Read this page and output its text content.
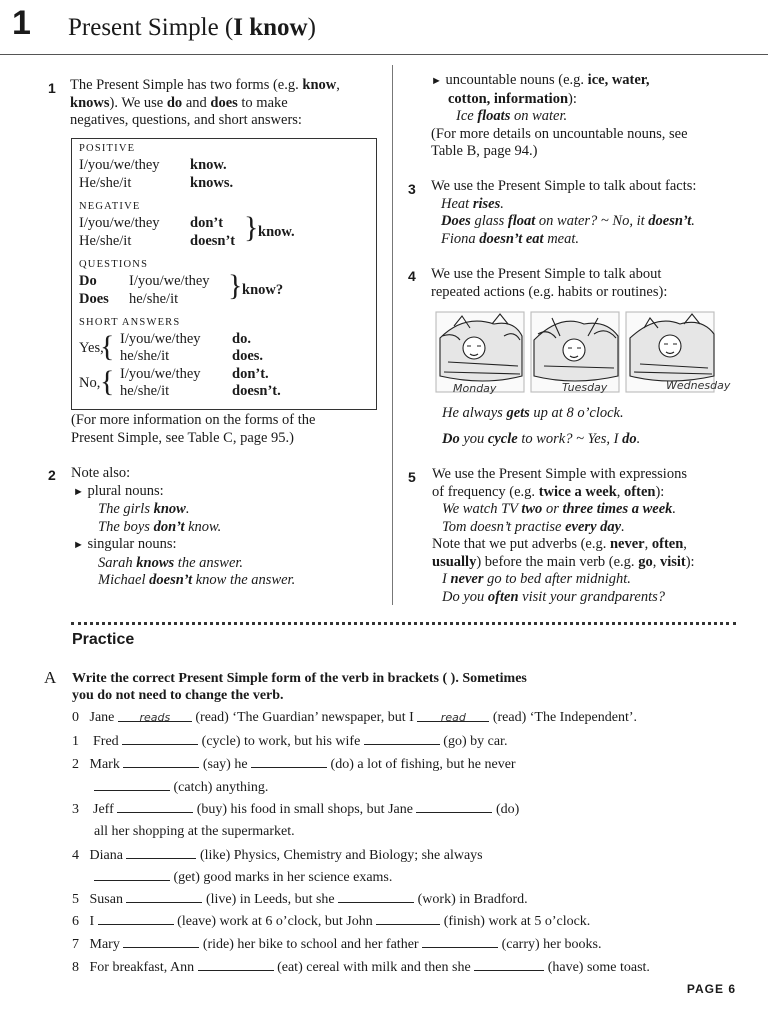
1 Present Simple (I know)
1 The Present Simple has two forms (e.g. know,
knows). We use do and does to make
negatives, questions, and short answers:
POSITIVE
I/you/we/they know.
He/she/it	knows.
NEGATIVE
I/you/we/they don’t
He/she/it	doesn’t } know.
QUESTIONS
Do I/you/we/they
Does he/she/it } know?
SHORT ANSWERS
Yes,
{ I/you/we/they do.
he/she/it	does.
No, { I/you/we/they don’t.
he/she/it	doesn’t.
(For more information on the forms of the
Present Simple, see Table C, page 95.)
2 Note also:
► plural nouns:
The girls know.
The boys don’t know.
► singular nouns:
Sarah knows the answer.
Michael doesn’t know the answer.
► uncountable nouns (e.g. ice, water,
cotton, information):
Ice floats on water.
(For more details on uncountable nouns, see
Table B, page 94.)
3 We use the Present Simple to talk about facts:
Heat rises.
Does glass float on water? ~ No, it doesn’t.
Fiona doesn’t eat meat.
4 We use the Present Simple to talk about
repeated actions (e.g. habits or routines):
Monday	Tuesday	Wednesday
He always gets up at 8 o’clock.
Do you cycle to work? ~ Yes, I do.
5 We use the Present Simple with expressions
of frequency (e.g. twice a week, often):
We watch TV two or three times a week.
Tom doesn’t practise every day.
Note that we put adverbs (e.g. never, often,
usually) before the main verb (e.g. go, visit):
I never go to bed after midnight.
Do you often visit your grandparents?
Practice
A Write the correct Present Simple form of the verb in brackets ( ). Sometimes
you do not need to change the verb.
0 Jane reads (read) ‘The Guardian’ newspaper, but I read (read) ‘The Independent’.
1 Fred	(cycle) to work, but his wife	(go) by car.
2 Mark	(say) he	(do) a lot of fishing, but he never
(catch) anything.
3 Jeff	(buy) his food in small shops, but Jane	(do)
all her shopping at the supermarket.
4 Diana	(like) Physics, Chemistry and Biology; she always
(get) good marks in her science exams.
5 Susan	(live) in Leeds, but she	(work) in Bradford.
6 I	(leave) work at 6 o’clock, but John	(finish) work at 5 o’clock.
7 Mary	(ride) her bike to school and her father	(carry) her books.
8 For breakfast, Ann	(eat) cereal with milk and then she	(have) some toast.
PAGE 6
